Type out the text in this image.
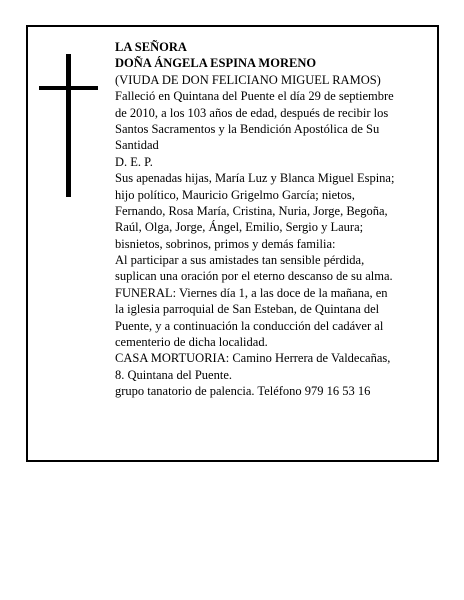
LA SEÑORA
DOÑA ÁNGELA ESPINA MORENO
(VIUDA DE DON FELICIANO MIGUEL RAMOS)
Falleció en Quintana del Puente el día 29 de septiembre
de 2010, a los 103 años de edad, después de recibir los
Santos Sacramentos y la Bendición Apostólica de Su
Santidad
D. E. P.
Sus apenadas hijas, María Luz y Blanca Miguel Espina;
hijo político, Mauricio Grigelmo García; nietos,
Fernando, Rosa María, Cristina, Nuria, Jorge, Begoña,
Raúl, Olga, Jorge, Ángel, Emilio, Sergio y Laura;
bisnietos, sobrinos, primos y demás familia:
Al participar a sus amistades tan sensible pérdida,
suplican una oración por el eterno descanso de su alma.
FUNERAL: Viernes día 1, a las doce de la mañana, en
la iglesia parroquial de San Esteban, de Quintana del
Puente, y a continuación la conducción del cadáver al
cementerio de dicha localidad.
CASA MORTUORIA: Camino Herrera de Valdecañas,
8. Quintana del Puente.
grupo tanatorio de palencia. Teléfono 979 16 53 16
